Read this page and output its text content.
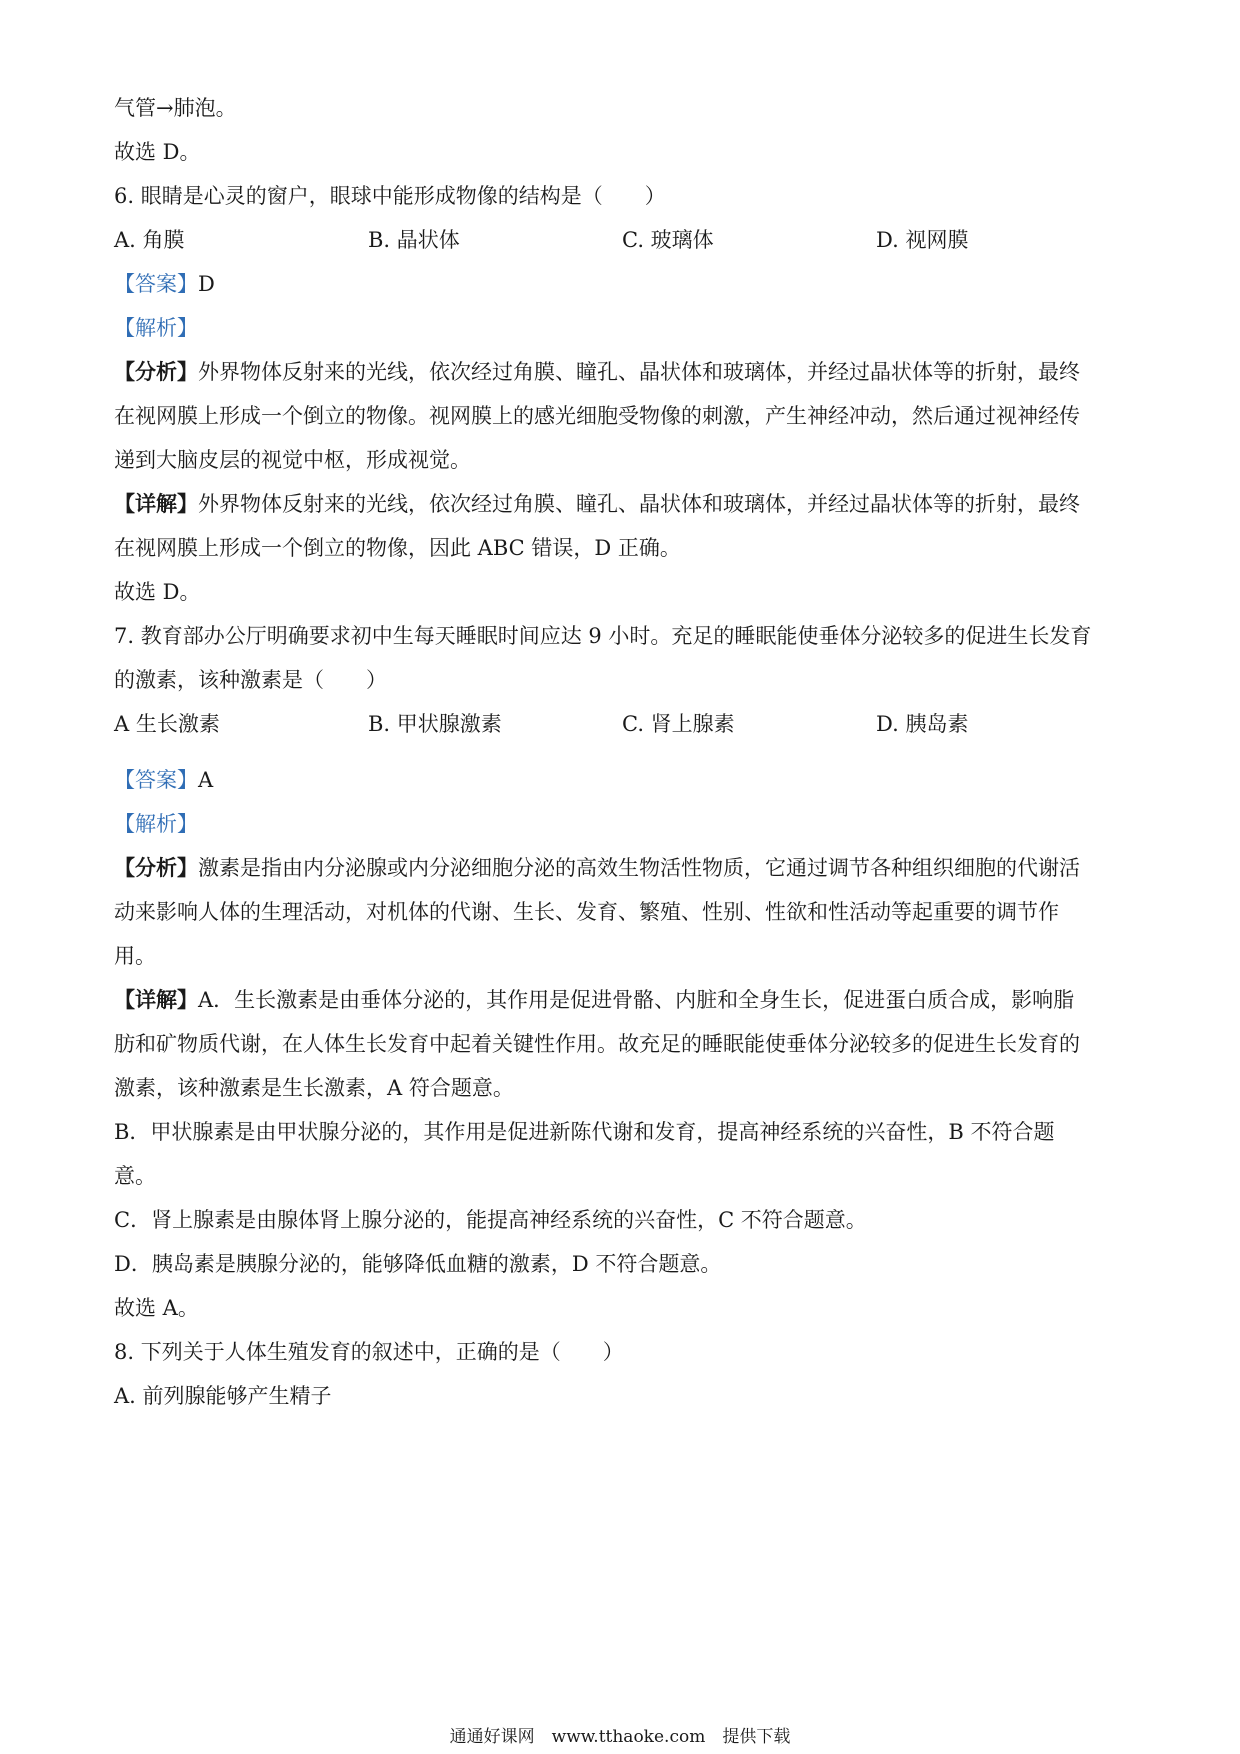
气管→肺泡。
故选 D。
6. 眼睛是心灵的窗户，眼球中能形成物像的结构是（　　）
A. 角膜	B. 晶状体	C. 玻璃体	D. 视网膜
【答案】D
【解析】
【分析】外界物体反射来的光线，依次经过角膜、瞳孔、晶状体和玻璃体，并经过晶状体等的折射，最终
在视网膜上形成一个倒立的物像。视网膜上的感光细胞受物像的刺激，产生神经冲动，然后通过视神经传
递到大脑皮层的视觉中枢，形成视觉。
【详解】外界物体反射来的光线，依次经过角膜、瞳孔、晶状体和玻璃体，并经过晶状体等的折射，最终
在视网膜上形成一个倒立的物像，因此 ABC 错误，D 正确。
故选 D。
7. 教育部办公厅明确要求初中生每天睡眠时间应达 9 小时。充足的睡眠能使垂体分泌较多的促进生长发育
的激素，该种激素是（　　）
A 生长激素	B. 甲状腺激素	C. 肾上腺素	D. 胰岛素
【答案】A
【解析】
【分析】激素是指由内分泌腺或内分泌细胞分泌的高效生物活性物质，它通过调节各种组织细胞的代谢活
动来影响人体的生理活动，对机体的代谢、生长、发育、繁殖、性别、性欲和性活动等起重要的调节作
用。
【详解】A．生长激素是由垂体分泌的，其作用是促进骨骼、内脏和全身生长，促进蛋白质合成，影响脂
肪和矿物质代谢，在人体生长发育中起着关键性作用。故充足的睡眠能使垂体分泌较多的促进生长发育的
激素，该种激素是生长激素，A 符合题意。
B．甲状腺素是由甲状腺分泌的，其作用是促进新陈代谢和发育，提高神经系统的兴奋性，B 不符合题
意。
C．肾上腺素是由腺体肾上腺分泌的，能提高神经系统的兴奋性，C 不符合题意。
D．胰岛素是胰腺分泌的，能够降低血糖的激素，D 不符合题意。
故选 A。
8. 下列关于人体生殖发育的叙述中，正确的是（　　）
A. 前列腺能够产生精子
通通好课网　www.tthaoke.com　提供下载
